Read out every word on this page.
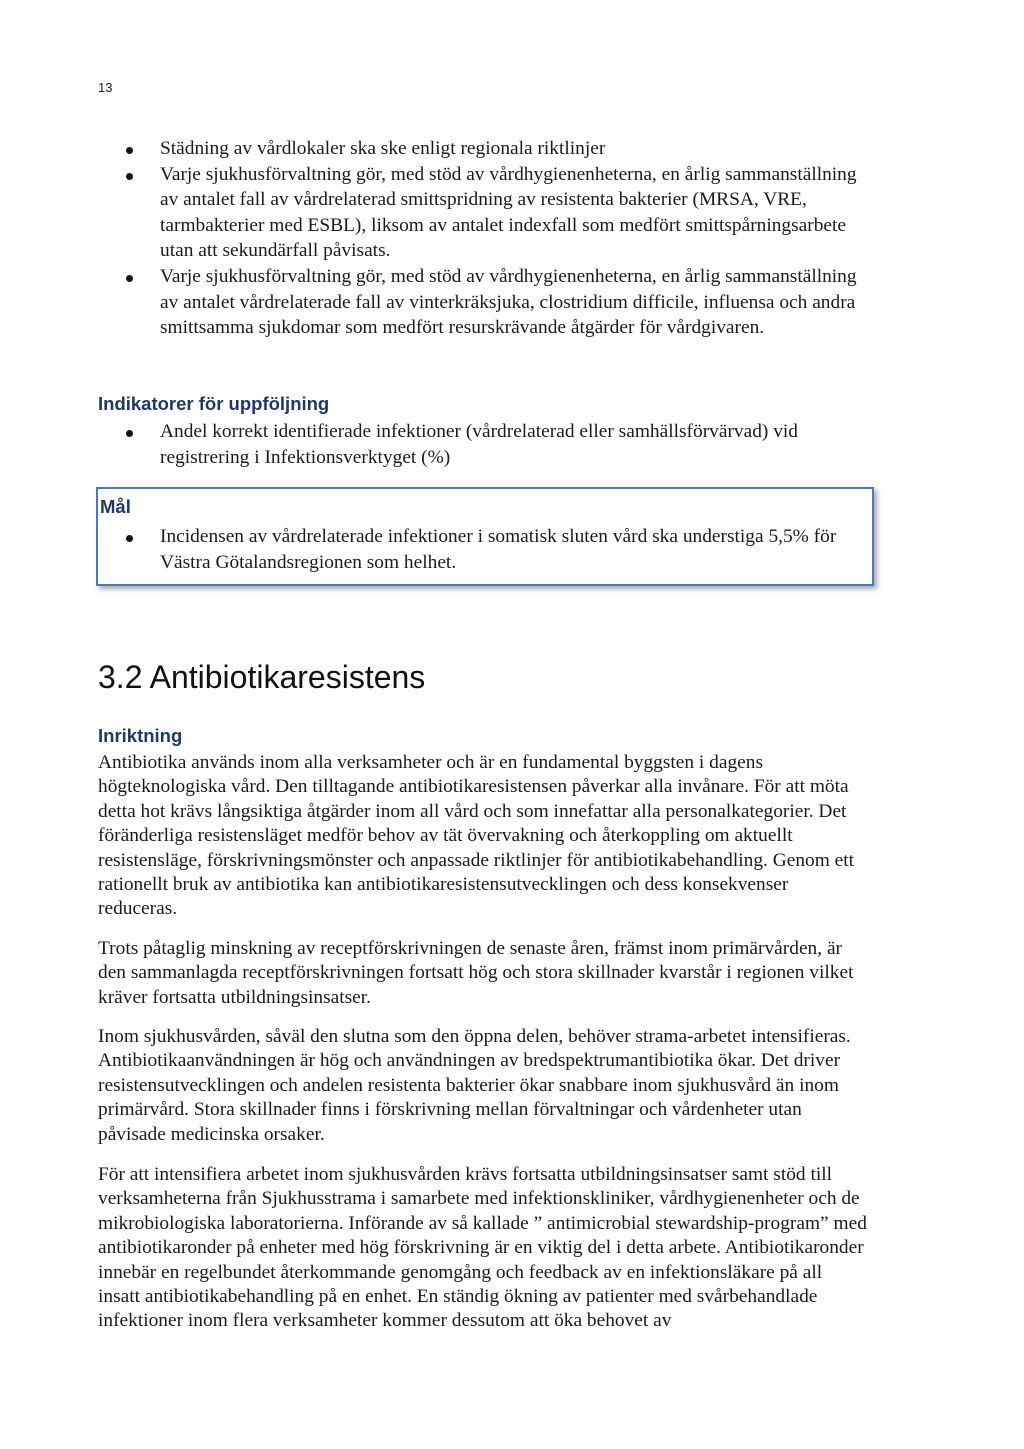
13
Städning av vårdlokaler ska ske enligt regionala riktlinjer
Varje sjukhusförvaltning gör, med stöd av vårdhygienenheterna, en årlig sammanställning av antalet fall av vårdrelaterad smittspridning av resistenta bakterier (MRSA, VRE, tarmbakterier med ESBL), liksom av antalet indexfall som medfört smittspårningsarbete utan att sekundärfall påvisats.
Varje sjukhusförvaltning gör, med stöd av vårdhygienenheterna, en årlig sammanställning av antalet vårdrelaterade fall av vinterkräksjuka, clostridium difficile, influensa och andra smittsamma sjukdomar som medfört resurskrävande åtgärder för vårdgivaren.
Indikatorer för uppföljning
Andel korrekt identifierade infektioner (vårdrelaterad eller samhällsförvärvad) vid registrering i Infektionsverktyget (%)
Mål
Incidensen av vårdrelaterade infektioner i somatisk sluten vård ska understiga 5,5% för Västra Götalandsregionen som helhet.
3.2 Antibiotikaresistens
Inriktning

Antibiotika används inom alla verksamheter och är en fundamental byggsten i dagens högteknologiska vård. Den tilltagande antibiotikaresistensen påverkar alla invånare. För att möta detta hot krävs långsiktiga åtgärder inom all vård och som innefattar alla personalkategorier. Det föränderliga resistensläget medför behov av tät övervakning och återkoppling om aktuellt resistensläge, förskrivningsmönster och anpassade riktlinjer för antibiotikabehandling. Genom ett rationellt bruk av antibiotika kan antibiotikaresistensutvecklingen och dess konsekvenser reduceras.

Trots påtaglig minskning av receptförskrivningen de senaste åren, främst inom primärvården, är den sammanlagda receptförskrivningen fortsatt hög och stora skillnader kvarstår i regionen vilket kräver fortsatta utbildningsinsatser.

Inom sjukhusvården, såväl den slutna som den öppna delen, behöver strama-arbetet intensifieras. Antibiotikaanvändningen är hög och användningen av bredspektrumantibiotika ökar. Det driver resistensutvecklingen och andelen resistenta bakterier ökar snabbare inom sjukhusvård än inom primärvård. Stora skillnader finns i förskrivning mellan förvaltningar och vårdenheter utan påvisade medicinska orsaker.

För att intensifiera arbetet inom sjukhusvården krävs fortsatta utbildningsinsatser samt stöd till verksamheterna från Sjukhusstrama i samarbete med infektionskliniker, vårdhygienenheter och de mikrobiologiska laboratorierna. Införande av så kallade ” antimicrobial stewardship-program” med antibiotikaronder på enheter med hög förskrivning är en viktig del i detta arbete. Antibiotikaronder innebär en regelbundet återkommande genomgång och feedback av en infektionsläkare på all insatt antibiotikabehandling på en enhet. En ständig ökning av patienter med svårbehandlade infektioner inom flera verksamheter kommer dessutom att öka behovet av
